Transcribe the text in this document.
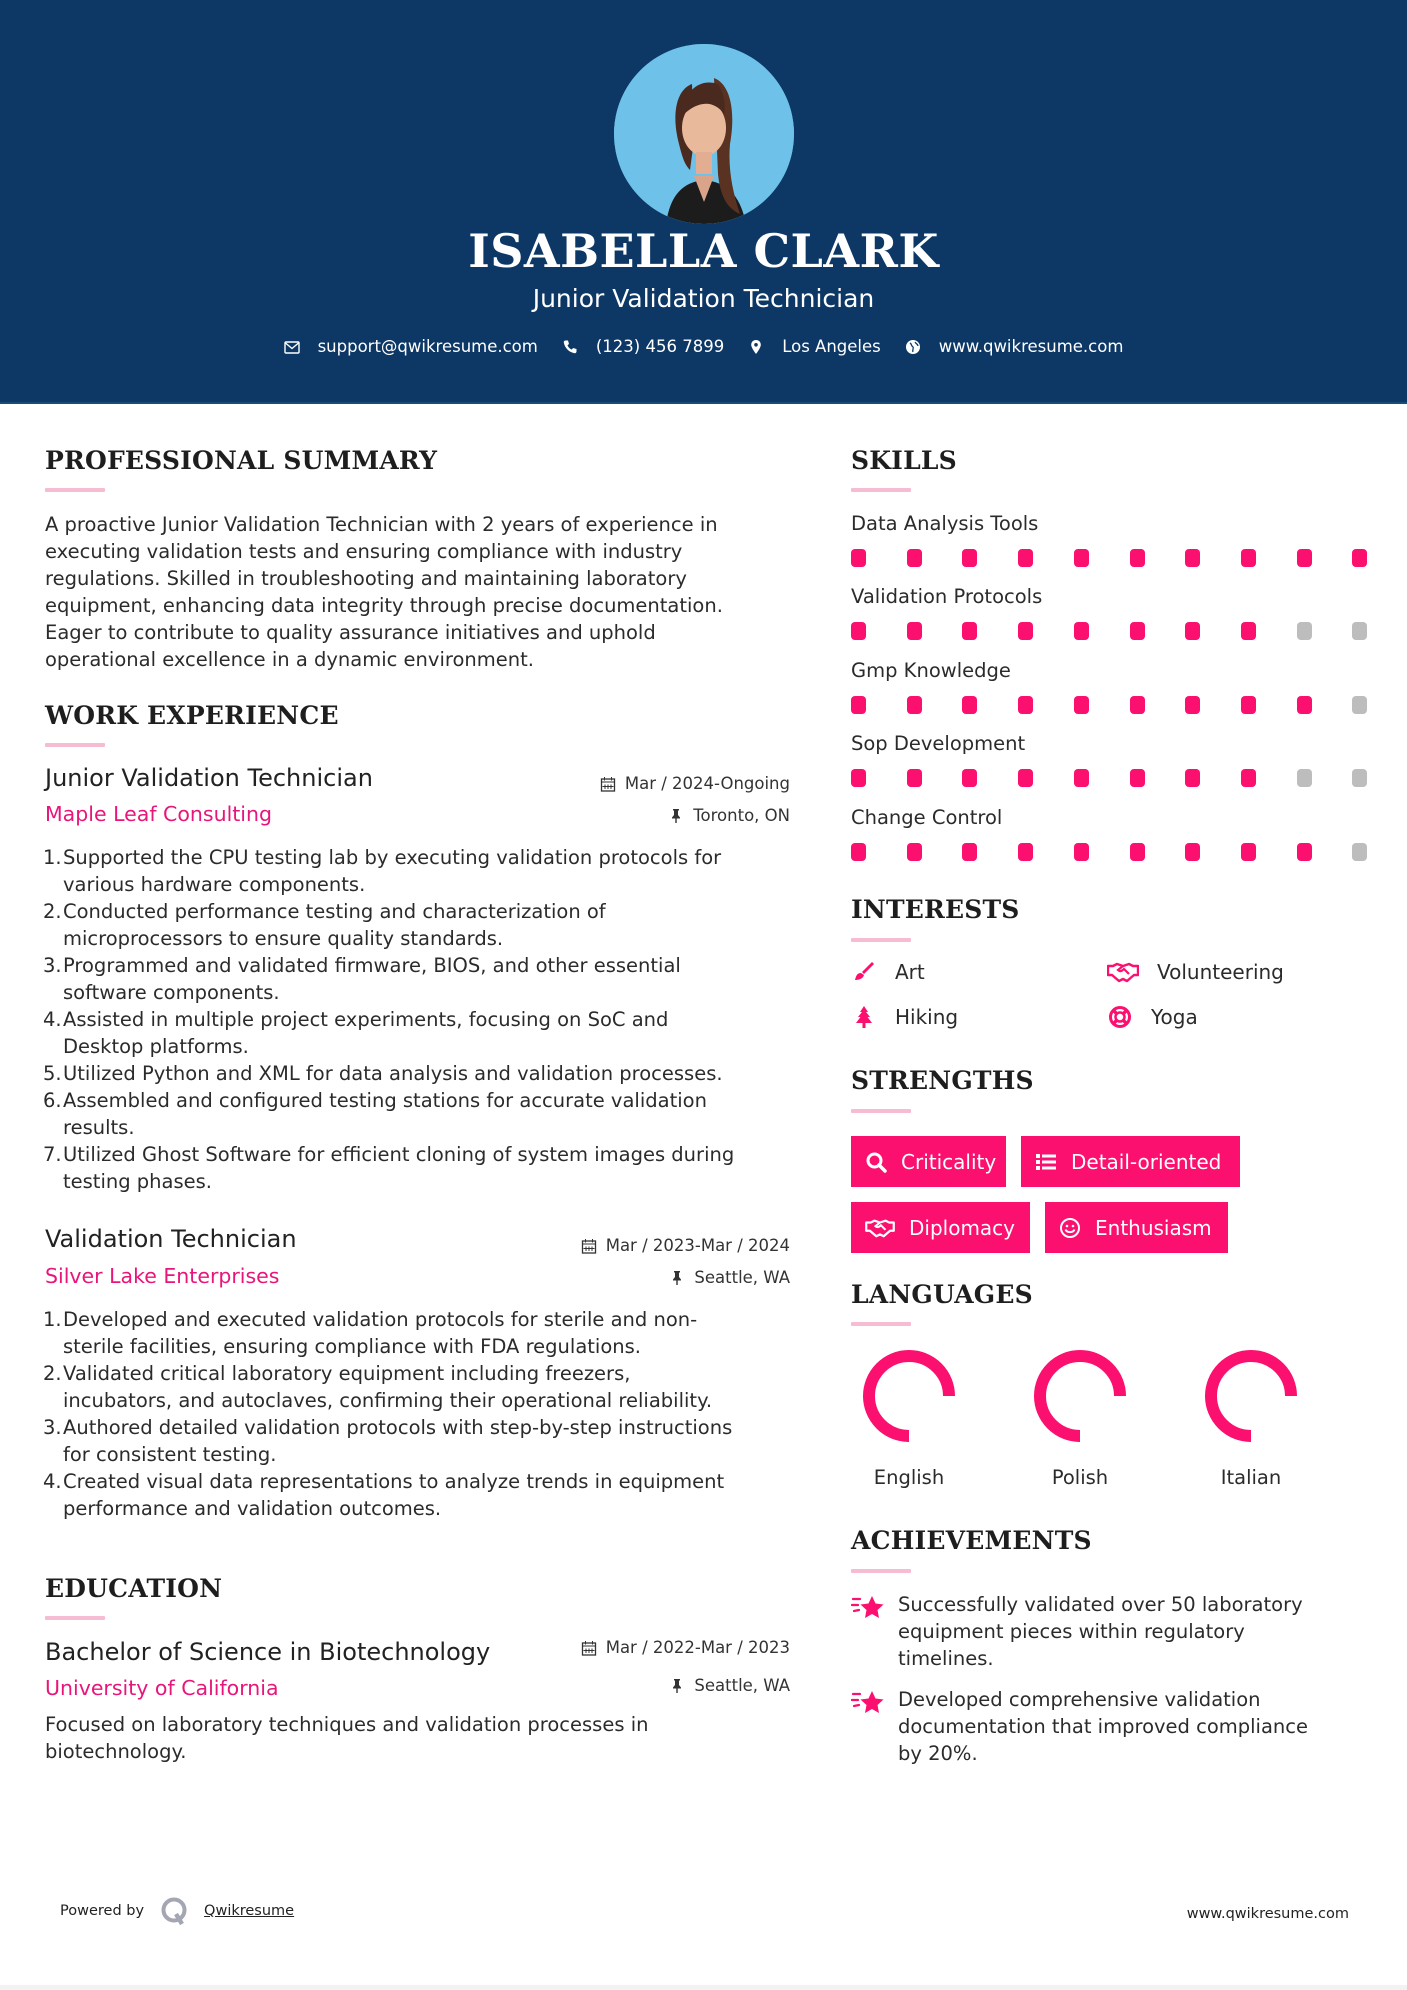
ISABELLA CLARK
Junior Validation Technician
support@qwikresume.com	(123) 456 7899	Los Angeles	www.qwikresume.com
PROFESSIONAL SUMMARY
A proactive Junior Validation Technician with 2 years of experience in
executing validation tests and ensuring compliance with industry
regulations. Skilled in troubleshooting and maintaining laboratory
equipment, enhancing data integrity through precise documentation.
Eager to contribute to quality assurance initiatives and uphold
operational excellence in a dynamic environment.
WORK EXPERIENCE
Junior Validation Technician	Mar / 2024-Ongoing
Maple Leaf Consulting	Toronto, ON
1. Supported the CPU testing lab by executing validation protocols for
various hardware components.
2. Conducted performance testing and characterization of
microprocessors to ensure quality standards.
3. Programmed and validated firmware, BIOS, and other essential
software components.
4. Assisted in multiple project experiments, focusing on SoC and
Desktop platforms.
5. Utilized Python and XML for data analysis and validation processes.
6. Assembled and configured testing stations for accurate validation
results.
7. Utilized Ghost Software for efficient cloning of system images during
testing phases.
Validation Technician	Mar / 2023-Mar / 2024
Silver Lake Enterprises	Seattle, WA
1. Developed and executed validation protocols for sterile and non-
sterile facilities, ensuring compliance with FDA regulations.
2. Validated critical laboratory equipment including freezers,
incubators, and autoclaves, confirming their operational reliability.
3. Authored detailed validation protocols with step-by-step instructions
for consistent testing.
4. Created visual data representations to analyze trends in equipment
performance and validation outcomes.
EDUCATION
Bachelor of Science in Biotechnology	Mar / 2022-Mar / 2023
University of California	Seattle, WA
Focused on laboratory techniques and validation processes in
biotechnology.
SKILLS
Data Analysis Tools
Validation Protocols
Gmp Knowledge
Sop Development
Change Control
INTERESTS
Art	Volunteering
Hiking	Yoga
STRENGTHS
Criticality	Detail-oriented
Diplomacy	Enthusiasm
LANGUAGES
English	Polish	Italian
ACHIEVEMENTS
Successfully validated over 50 laboratory
equipment pieces within regulatory
timelines.
Developed comprehensive validation
documentation that improved compliance
by 20%.
Powered by	Qwikresume	www.qwikresume.com
